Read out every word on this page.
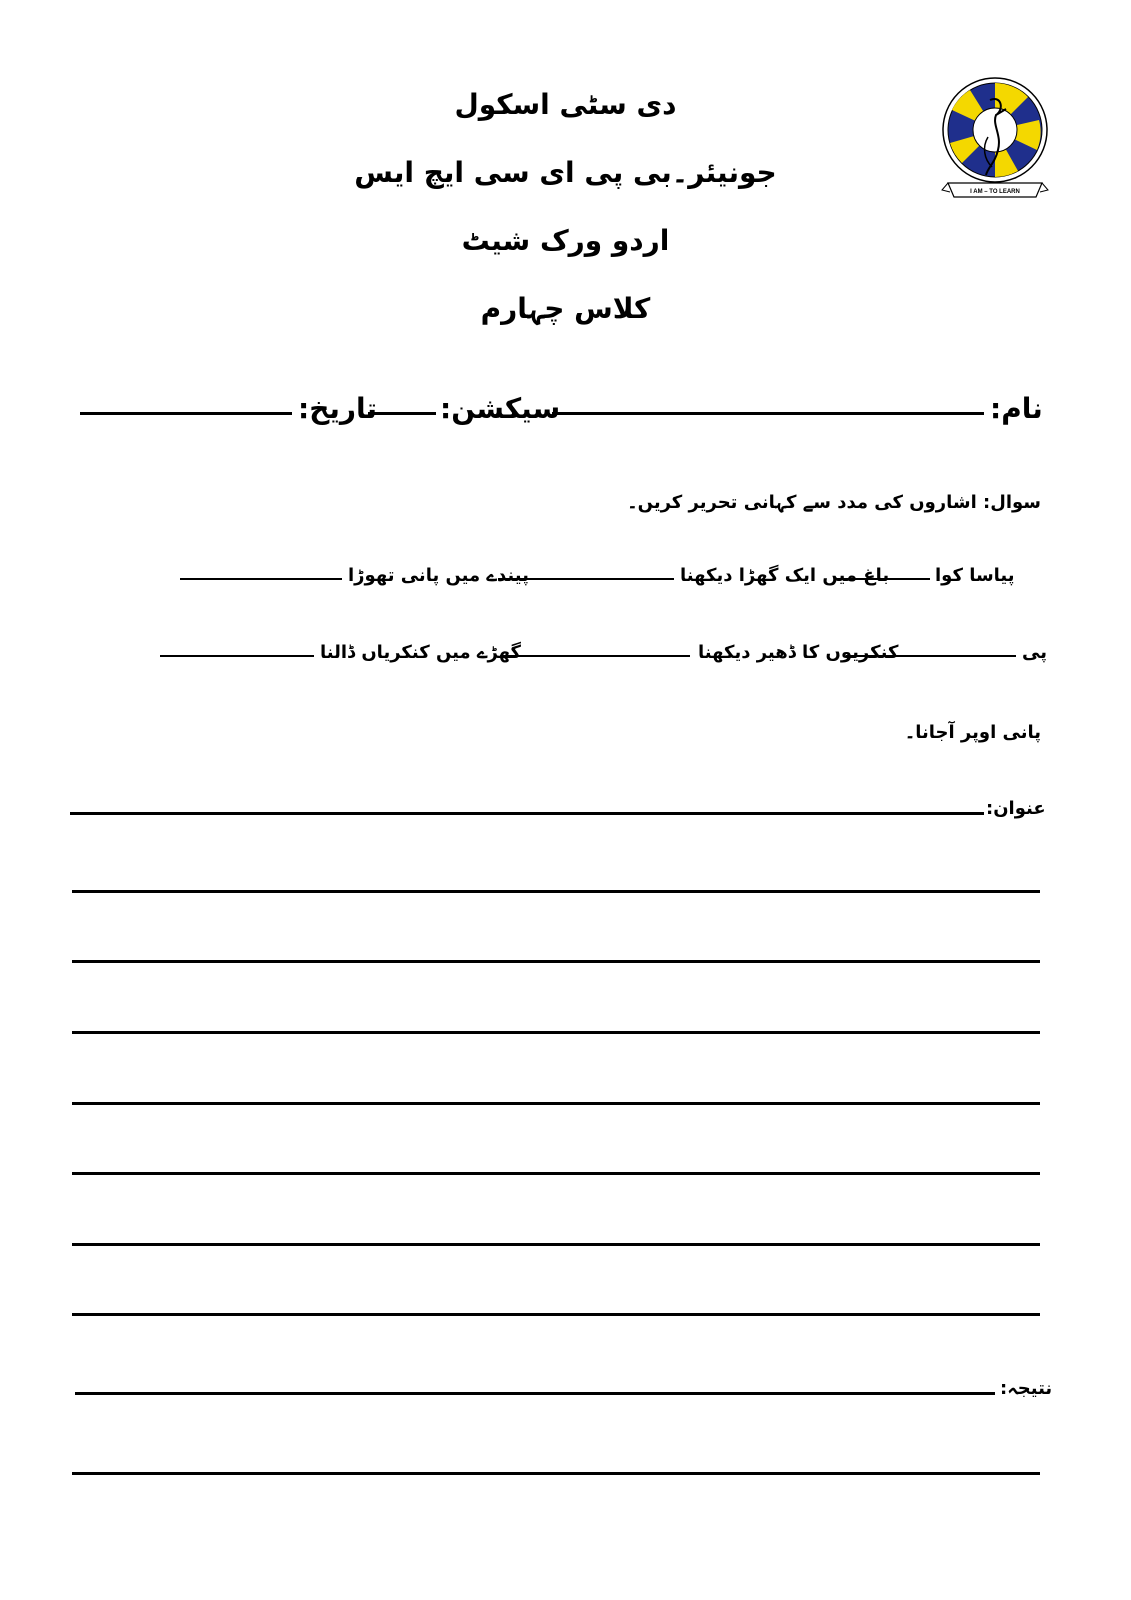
دی سٹی اسکول
جونیئر۔بی پی ای سی ایچ ایس
اردو ورک شیٹ
کلاس چہارم
I AM – TO LEARN
نام:
سیکشن:
تاریخ:
سوال: اشاروں کی مدد سے کہانی تحریر کریں۔
پیاسا کوا
باغ میں ایک گھڑا دیکھنا
پیندے میں پانی تھوڑا
پی
کنکریوں کا ڈھیر دیکھنا
گھڑے میں کنکریاں ڈالنا
پانی اوپر آجانا۔
عنوان:
نتیجہ:
